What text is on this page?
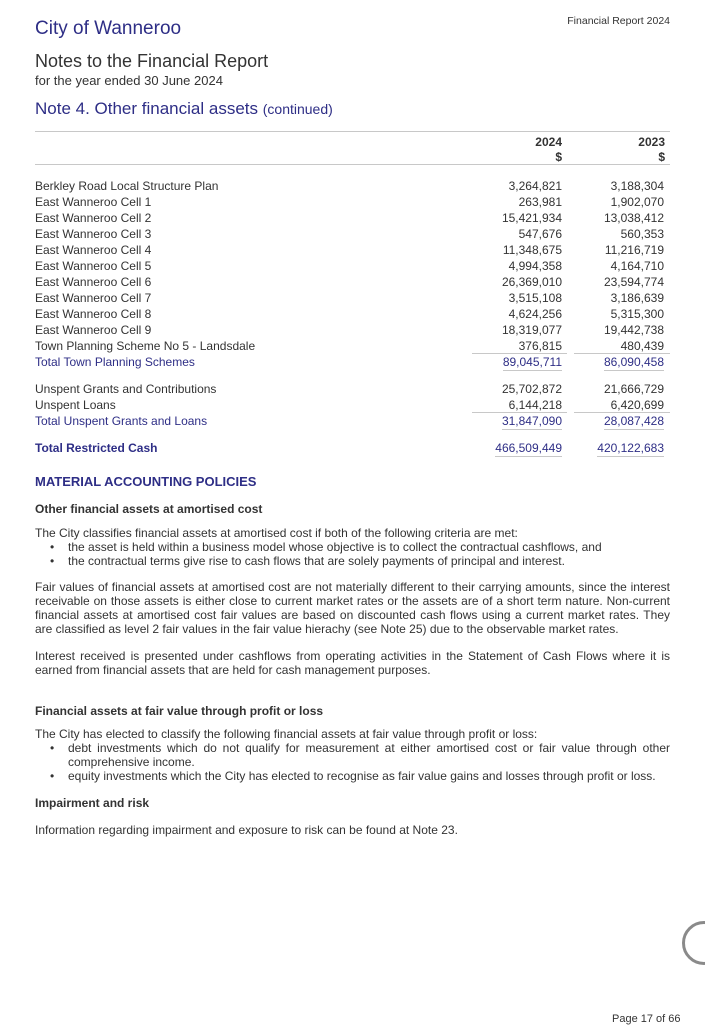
City of Wanneroo	Financial Report 2024
Notes to the Financial Report
for the year ended 30 June 2024
Note 4. Other financial assets (continued)
2024
$
2023
$
Berkley Road Local Structure Plan	3,264,821	3,188,304
East Wanneroo Cell 1	263,981	1,902,070
East Wanneroo Cell 2	15,421,934	13,038,412
East Wanneroo Cell 3	547,676	560,353
East Wanneroo Cell 4	11,348,675	11,216,719
East Wanneroo Cell 5	4,994,358	4,164,710
East Wanneroo Cell 6	26,369,010	23,594,774
East Wanneroo Cell 7	3,515,108	3,186,639
East Wanneroo Cell 8	4,624,256	5,315,300
East Wanneroo Cell 9	18,319,077	19,442,738
Town Planning Scheme No 5 - Landsdale	376,815	480,439
Total Town Planning Schemes	89,045,711	86,090,458
Unspent Grants and Contributions	25,702,872	21,666,729
Unspent Loans	6,144,218	6,420,699
Total Unspent Grants and Loans	31,847,090	28,087,428
Total Restricted Cash	466,509,449	420,122,683
MATERIAL ACCOUNTING POLICIES
Other financial assets at amortised cost
The City classifies financial assets at amortised cost if both of the following criteria are met:
• the asset is held within a business model whose objective is to collect the contractual cashflows, and
• the contractual terms give rise to cash flows that are solely payments of principal and interest.
Fair values of financial assets at amortised cost are not materially different to their carrying amounts, since the interest receivable on those assets is either close to current market rates or the assets are of a short term nature. Non-current financial assets at amortised cost fair values are based on discounted cash flows using a current market rates. They are classified as level 2 fair values in the fair value hierachy (see Note 25) due to the observable market rates.
Interest received is presented under cashflows from operating activities in the Statement of Cash Flows where it is earned from financial assets that are held for cash management purposes.
Financial assets at fair value through profit or loss
The City has elected to classify the following financial assets at fair value through profit or loss:
• debt investments which do not qualify for measurement at either amortised cost or fair value through other comprehensive income.
• equity investments which the City has elected to recognise as fair value gains and losses through profit or loss.
Impairment and risk
Information regarding impairment and exposure to risk can be found at Note 23.
Page 17 of 66
